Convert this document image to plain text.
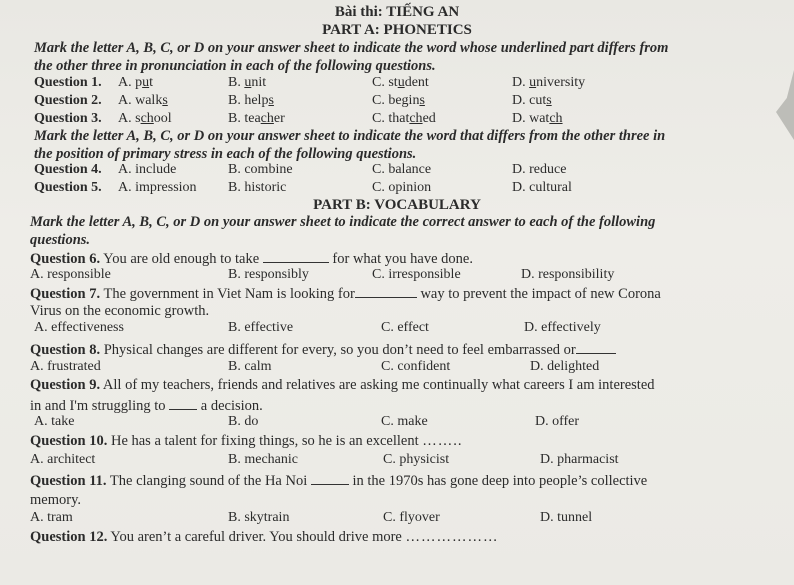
Bài thi: TIẾNG AN
PART A: PHONETICS
Mark the letter A, B, C, or D on your answer sheet to indicate the word whose underlined part differs from
the other three in pronunciation in each of the following questions.
Question 1. A. put	B. unit	C. student	D. university
Question 2. A. walks	B. helps	C. begins	D. cuts
Question 3. A. school	B. teacher	C. thatched	D. watch
Mark the letter A, B, C, or D on your answer sheet to indicate the word that differs from the other three in
the position of primary stress in each of the following questions.
Question 4. A. include	B. combine	C. balance	D. reduce
Question 5. A. impression B. historic	C. opinion	D. cultural
PART B: VOCABULARY
Mark the letter A, B, C, or D on your answer sheet to indicate the correct answer to each of the following
questions.
Question 6. You are old enough to take	for what you have done.
A. responsible	B. responsibly	C. irresponsible	D. responsibility
Question 7. The government in Viet Nam is looking for	way to prevent the impact of new Corona
Virus on the economic growth.
A. effectiveness	B. effective	C. effect	D. effectively
Question 8. Physical changes are different for every, so you don’t need to feel embarrassed or
A. frustrated	B. calm	C. confident	D. delighted
Question 9. All of my teachers, friends and relatives are asking me continually what careers I am interested
in and I'm struggling to  a decision.
A. take	B. do	C. make	D. offer
Question 10. He has a talent for fixing things, so he is an excellent ……..
A. architect	B. mechanic	C. physicist	D. pharmacist
Question 11. The clanging sound of the Ha Noi	in the 1970s has gone deep into people’s collective
memory.
A. tram	B. skytrain	C. flyover	D. tunnel
Question 12. You aren’t a careful driver. You should drive more ………………
